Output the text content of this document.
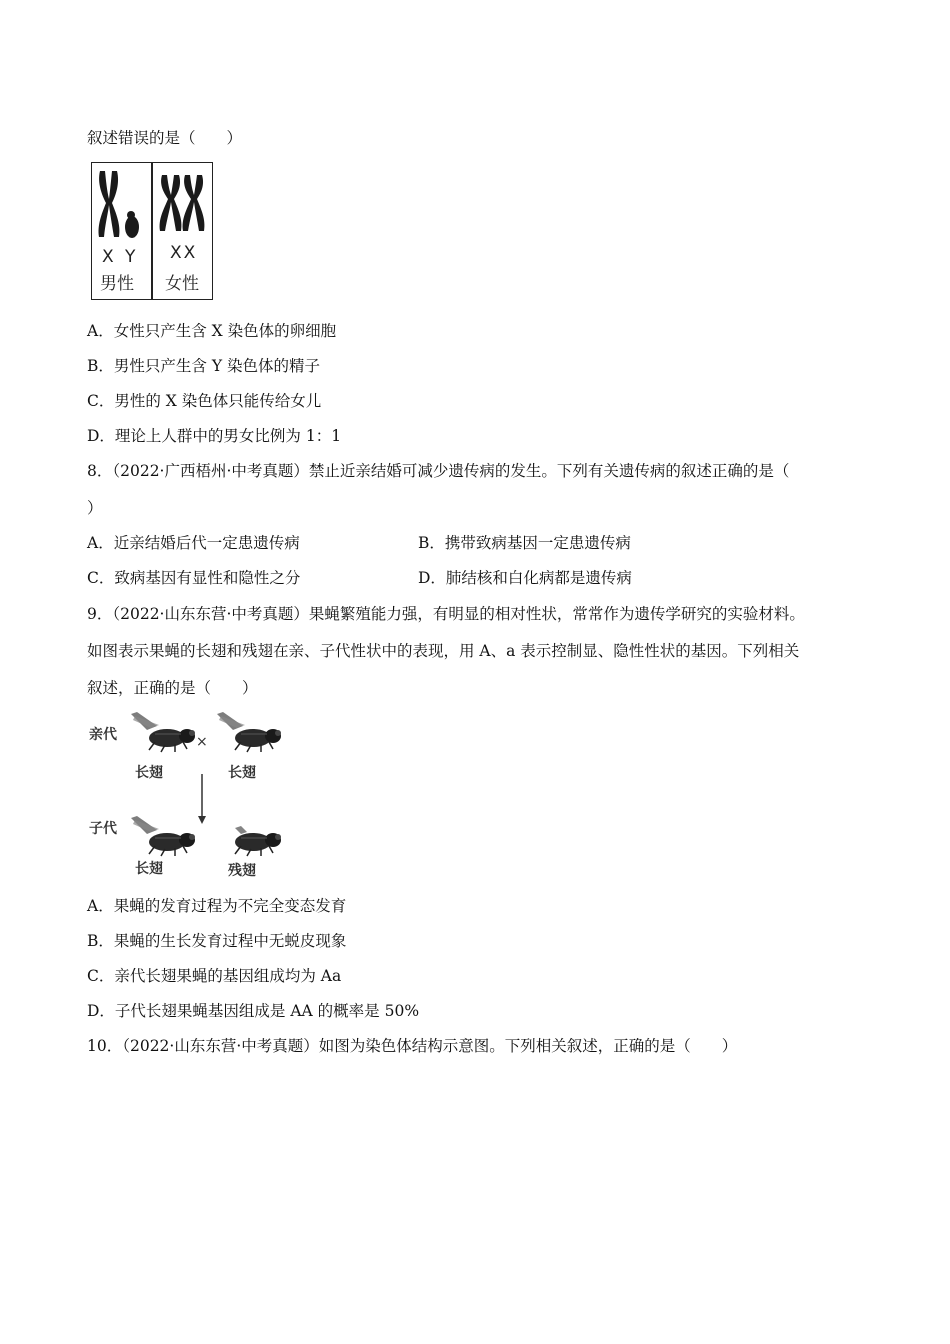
叙述错误的是（　　）
X Y
男性
XX
女性
A．女性只产生含 X 染色体的卵细胞
B．男性只产生含 Y 染色体的精子
C．男性的 X 染色体只能传给女儿
D．理论上人群中的男女比例为 1：1
8．（2022·广西梧州·中考真题）禁止近亲结婚可减少遗传病的发生。下列有关遗传病的叙述正确的是（
）
A．近亲结婚后代一定患遗传病	B．携带致病基因一定患遗传病
C．致病基因有显性和隐性之分	D．肺结核和白化病都是遗传病
9．（2022·山东东营·中考真题）果蝇繁殖能力强，有明显的相对性状，常常作为遗传学研究的实验材料。
如图表示果蝇的长翅和残翅在亲、子代性状中的表现，用 A、a 表示控制显、隐性性状的基因。下列相关
叙述，正确的是（　　）
亲代	×
长翅	长翅
子代
长翅	残翅
A．果蝇的发育过程为不完全变态发育
B．果蝇的生长发育过程中无蜕皮现象
C．亲代长翅果蝇的基因组成均为 Aa
D．子代长翅果蝇基因组成是 AA 的概率是 50%
10．（2022·山东东营·中考真题）如图为染色体结构示意图。下列相关叙述，正确的是（　　）
